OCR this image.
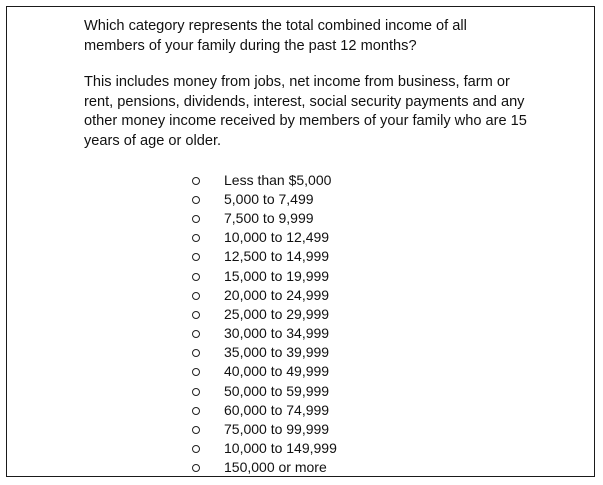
Which category represents the total combined income of all
members of your family during the past 12 months?

This includes money from jobs, net income from business, farm or
rent, pensions, dividends, interest, social security payments and any
other money income received by members of your family who are 15
years of age or older.

Less than $5,000
5,000 to 7,499
7,500 to 9,999
10,000 to 12,499
12,500 to 14,999
15,000 to 19,999
20,000 to 24,999
25,000 to 29,999
30,000 to 34,999
35,000 to 39,999
40,000 to 49,999
50,000 to 59,999
60,000 to 74,999
75,000 to 99,999
10,000 to 149,999
150,000 or more
